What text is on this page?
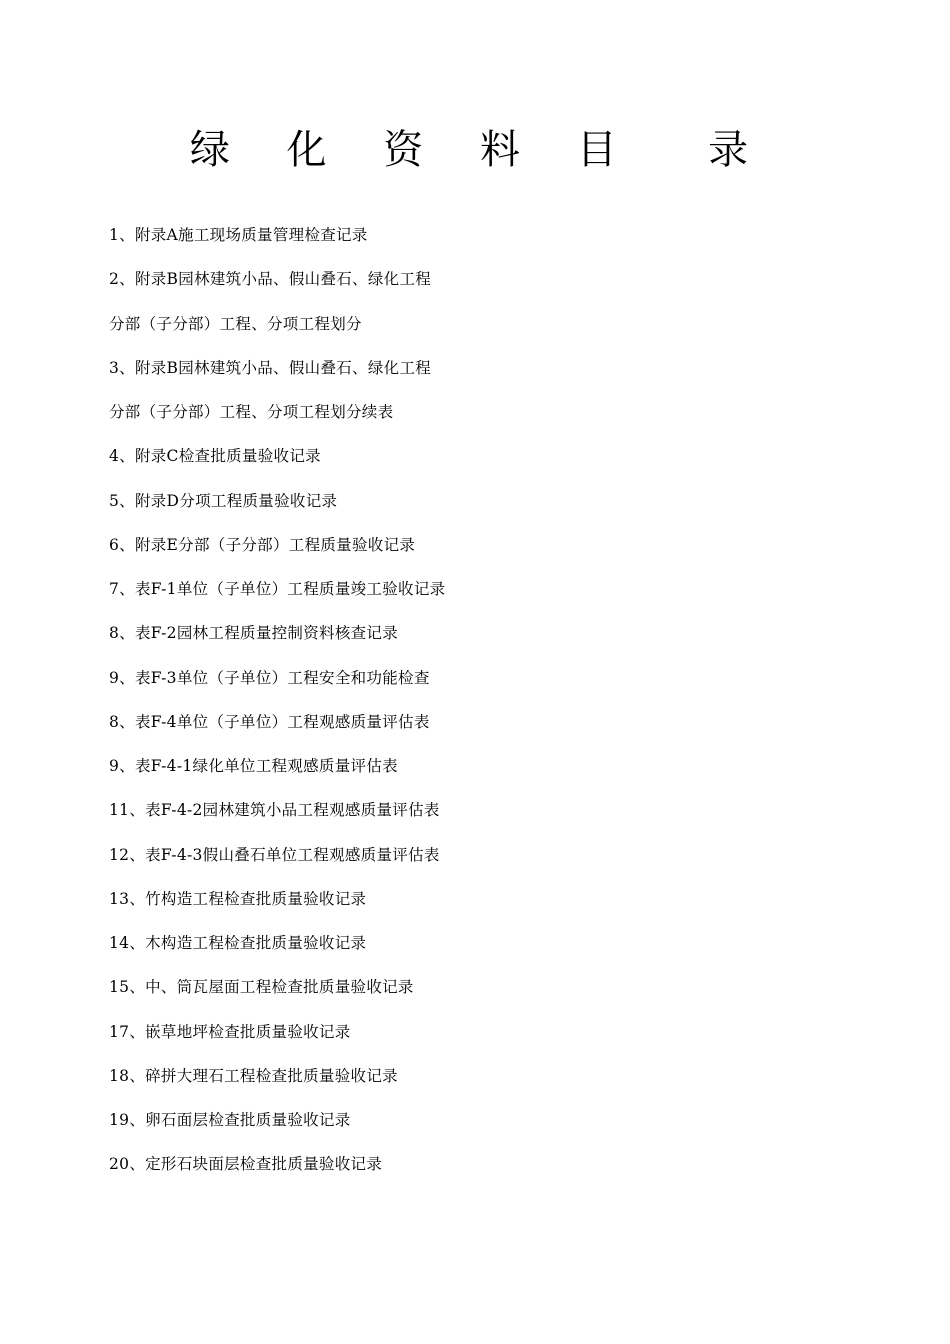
绿 化 资 料 目  录
1、附录A施工现场质量管理检查记录
2、附录B园林建筑小品、假山叠石、绿化工程
分部（子分部）工程、分项工程划分
3、附录B园林建筑小品、假山叠石、绿化工程
分部（子分部）工程、分项工程划分续表
4、附录C检查批质量验收记录
5、附录D分项工程质量验收记录
6、附录E分部（子分部）工程质量验收记录
7、表F-1单位（子单位）工程质量竣工验收记录
8、表F-2园林工程质量控制资料核查记录
9、表F-3单位（子单位）工程安全和功能检查
8、表F-4单位（子单位）工程观感质量评估表
9、表F-4-1绿化单位工程观感质量评估表
11、表F-4-2园林建筑小品工程观感质量评估表
12、表F-4-3假山叠石单位工程观感质量评估表
13、竹构造工程检查批质量验收记录
14、木构造工程检查批质量验收记录
15、中、筒瓦屋面工程检查批质量验收记录
17、嵌草地坪检查批质量验收记录
18、碎拼大理石工程检查批质量验收记录
19、卵石面层检查批质量验收记录
20、定形石块面层检查批质量验收记录
